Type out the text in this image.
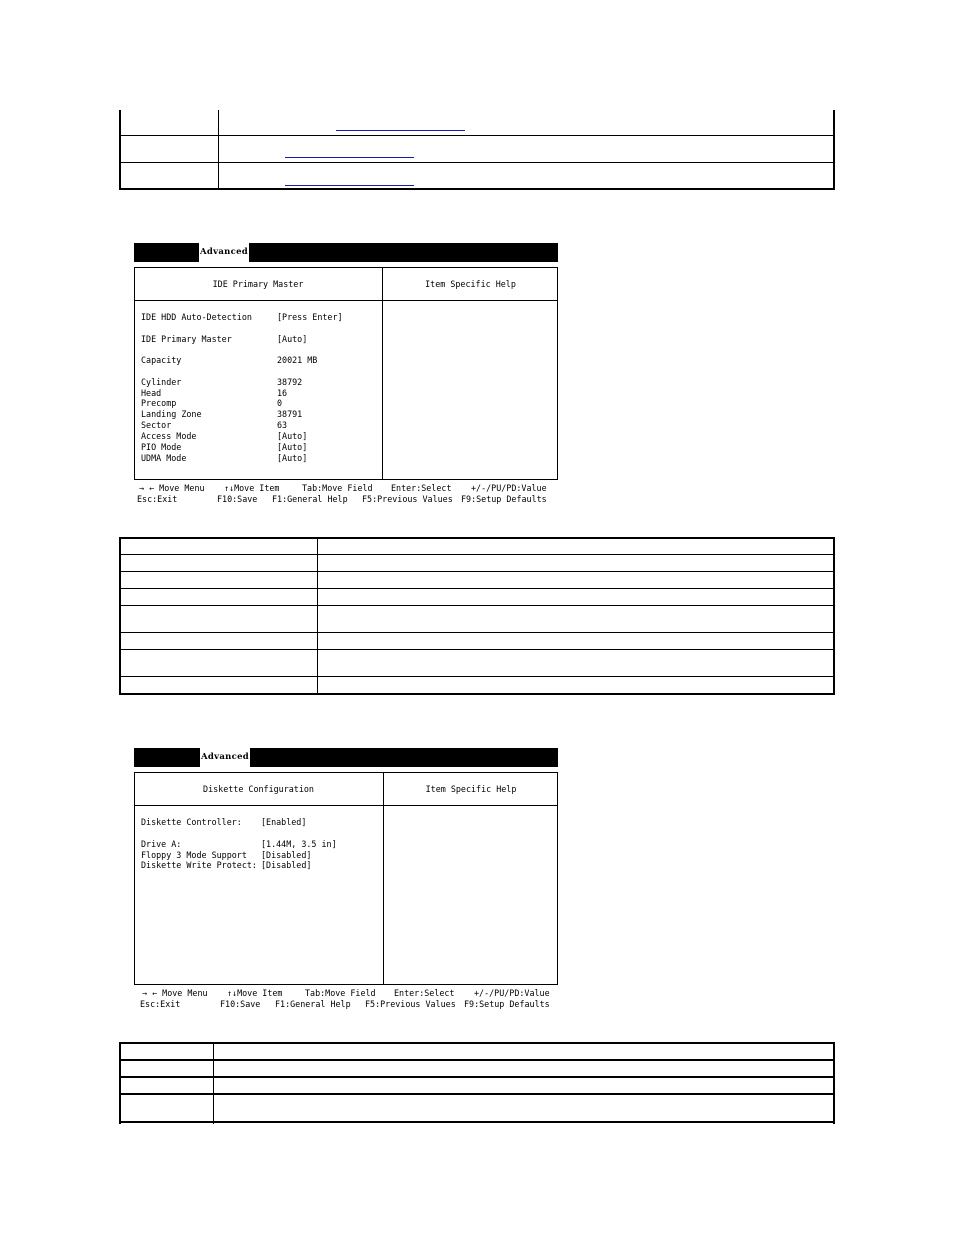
Advanced
IDE Primary Master	Item Specific Help
IDE HDD Auto-Detection	[Press Enter]
IDE Primary Master	[Auto]
Capacity	20021 MB
Cylinder	38792
Head	16
Precomp	0
Landing Zone	38791
Sector	63
Access Mode	[Auto]
PIO Mode	[Auto]
UDMA Mode	[Auto]
→ ← Move Menu ↑↓Move Item	Tab:Move Field Enter:Select +/-/PU/PD:Value
Esc:Exit	F10:Save F1:General Help F5:Previous Values F9:Setup Defaults
Advanced
Diskette Configuration	Item Specific Help
Diskette Controller: [Enabled]
Drive A:	[1.44M, 3.5 in]
Floppy 3 Mode Support [Disabled]
Diskette Write Protect: [Disabled]
→ ← Move Menu ↑↓Move Item	Tab:Move Field Enter:Select +/-/PU/PD:Value
Esc:Exit	F10:Save F1:General Help F5:Previous Values F9:Setup Defaults
